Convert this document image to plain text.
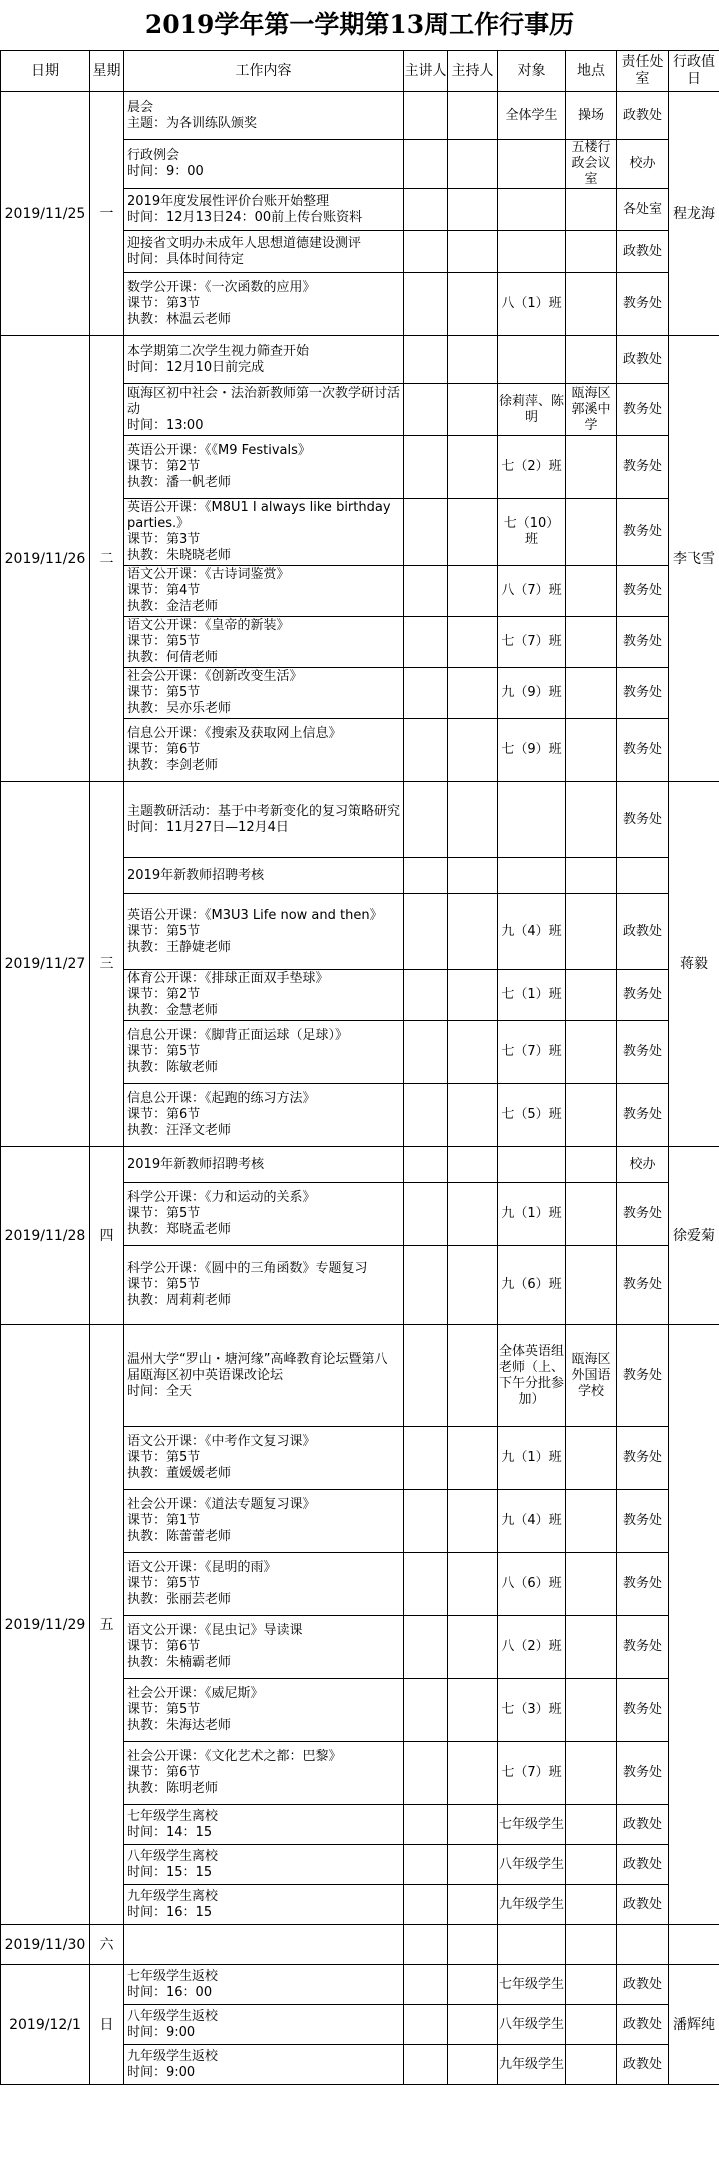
2019学年第一学期第13周工作行事历
日期	星期	工作内容	主讲人	主持人	对象	地点	责任处室	行政值日
2019/11/25	一	晨会
主题：为各训练队颁奖			全体学生	操场	政教处	程龙海

		行政例会
时间：9：00				五楼行政会议室	校办	

		2019年度发展性评价台账开始整理
时间：12月13日24：00前上传台账资料					各处室	

		迎接省文明办未成年人思想道德建设测评
时间：具体时间待定					政教处	

		数学公开课：《一次函数的应用》
课节：第3节
执教：林温云老师			八（1）班		教务处	
2019/11/26	二	本学期第二次学生视力筛查开始
时间：12月10日前完成					政教处	李飞雪

		瓯海区初中社会・法治新教师第一次教学研讨活动
时间：13:00			徐莉萍、陈明	瓯海区郭溪中学	教务处	

		英语公开课：《《M9 Festivals》
课节：第2节
执教：潘一帆老师			七（2）班		教务处	

		英语公开课：《M8U1 I always like birthday parties.》
课节：第3节
执教：朱晓晓老师			七（10）班		教务处	

		语文公开课：《古诗词鉴赏》
课节：第4节
执教：金洁老师			八（7）班		教务处	

		语文公开课：《皇帝的新装》
课节：第5节
执教：何倩老师			七（7）班		教务处	

		社会公开课：《创新改变生活》
课节：第5节
执教：吴亦乐老师			九（9）班		教务处	

		信息公开课：《搜索及获取网上信息》
课节：第6节
执教：李剑老师			七（9）班		教务处	
2019/11/27	三	主题教研活动：基于中考新变化的复习策略研究
时间：11月27日—12月4日					教务处	蒋毅

		2019年新教师招聘考核						

		英语公开课：《M3U3 Life now and then》
课节：第5节
执教：王静婕老师			九（4）班		政教处	

		体育公开课：《排球正面双手垫球》
课节：第2节
执教：金慧老师			七（1）班		教务处	

		信息公开课：《脚背正面运球（足球）》
课节：第5节
执教：陈敏老师			七（7）班		教务处	

		信息公开课：《起跑的练习方法》
课节：第6节
执教：汪泽文老师			七（5）班		教务处	
2019/11/28	四	2019年新教师招聘考核					校办	徐爱菊

		科学公开课：《力和运动的关系》
课节：第5节
执教：郑晓孟老师			九（1）班		教务处	

		科学公开课：《圆中的三角函数》专题复习
课节：第5节
执教：周莉莉老师			九（6）班		教务处	
2019/11/29	五	温州大学“罗山・塘河缘”高峰教育论坛暨第八届瓯海区初中英语课改论坛
时间：全天			全体英语组老师（上、下午分批参加）	瓯海区外国语学校	教务处	

		语文公开课：《中考作文复习课》
课节：第5节
执教：董媛媛老师			九（1）班		教务处	

		社会公开课：《道法专题复习课》
课节：第1节
执教：陈蕾蕾老师			九（4）班		教务处	

		语文公开课：《昆明的雨》
课节：第5节
执教：张丽芸老师			八（6）班		教务处	

		语文公开课：《昆虫记》导读课
课节：第6节
执教：朱楠霸老师			八（2）班		教务处	

		社会公开课：《威尼斯》
课节：第5节
执教：朱海达老师			七（3）班		教务处	

		社会公开课：《文化艺术之都：巴黎》
课节：第6节
执教：陈明老师			七（7）班		教务处	

		七年级学生离校
时间：14：15			七年级学生		政教处	

		八年级学生离校
时间：15：15			八年级学生		政教处	

		九年级学生离校
时间：16：15			九年级学生		政教处	
2019/11/30	六							
2019/12/1	日	七年级学生返校
时间：16：00			七年级学生		政教处	潘辉纯

		八年级学生返校
时间：9:00			八年级学生		政教处	

		九年级学生返校
时间：9:00			九年级学生		政教处	
